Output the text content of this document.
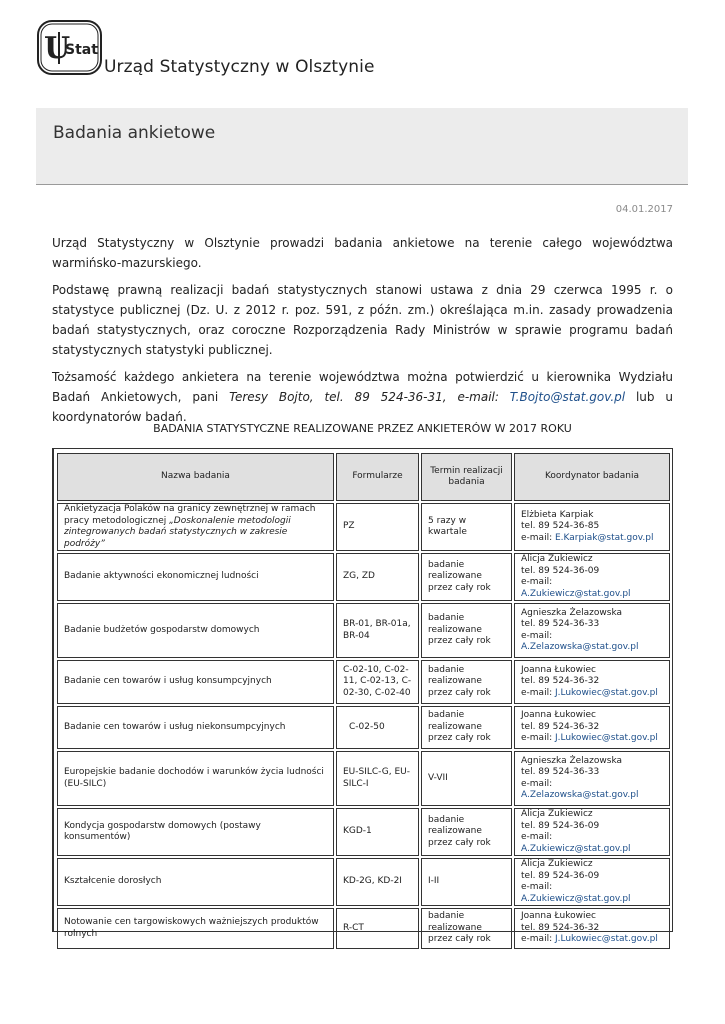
U
Stat
Urząd Statystyczny w Olsztynie
Badania ankietowe
04.01.2017

Urząd Statystyczny w Olsztynie prowadzi badania ankietowe na terenie całego województwa warmińsko-mazurskiego.

Podstawę prawną realizacji badań statystycznych stanowi ustawa z dnia 29 czerwca 1995 r. o statystyce publicznej (Dz. U. z 2012 r. poz. 591, z późn. zm.) określająca m.in. zasady prowadzenia badań statystycznych, oraz coroczne Rozporządzenia Rady Ministrów w sprawie programu badań statystycznych statystyki publicznej.

Tożsamość każdego ankietera na terenie województwa można potwierdzić u kierownika Wydziału Badań Ankietowych, pani Teresy Bojto, tel. 89 524-36-31, e-mail: T.Bojto@stat.gov.pl lub u koordynatorów badań.

BADANIA STATYSTYCZNE REALIZOWANE PRZEZ ANKIETERÓW W 2017 ROKU
Nazwa badania	Formularze	Termin realizacji badania	Koordynator badania
Ankietyzacja Polaków na granicy zewnętrznej w ramach pracy metodologicznej „Doskonalenie metodologii zintegrowanych badań statystycznych w zakresie podróży”	PZ	5 razy w kwartale	Elżbieta Karpiak
tel. 89 524-36-85
e-mail: E.Karpiak@stat.gov.pl

Badanie aktywności ekonomicznej ludności	ZG, ZD	badanie realizowane przez cały rok	Alicja Żukiewicz
tel. 89 524-36-09
e-mail: A.Zukiewicz@stat.gov.pl

Badanie budżetów gospodarstw domowych	BR-01, BR-01a, BR-04	badanie realizowane przez cały rok	Agnieszka Żelazowska
tel. 89 524-36-33
e-mail:
A.Zelazowska@stat.gov.pl

Badanie cen towarów i usług konsumpcyjnych	C-02-10, C-02-11, C-02-13, C-02-30, C-02-40	badanie realizowane przez cały rok	Joanna Łukowiec
tel. 89 524-36-32
e-mail: J.Lukowiec@stat.gov.pl

Badanie cen towarów i usług niekonsumpcyjnych	C-02-50	badanie realizowane przez cały rok	Joanna Łukowiec
tel. 89 524-36-32
e-mail: J.Lukowiec@stat.gov.pl

Europejskie badanie dochodów i warunków życia ludności (EU-SILC)	EU-SILC-G, EU-SILC-I	V-VII	Agnieszka Żelazowska
tel. 89 524-36-33
e-mail:
A.Zelazowska@stat.gov.pl

Kondycja gospodarstw domowych (postawy konsumentów)	KGD-1	badanie realizowane przez cały rok	Alicja Żukiewicz
tel. 89 524-36-09
e-mail: A.Zukiewicz@stat.gov.pl

Kształcenie dorosłych	KD-2G, KD-2I	I-II	Alicja Żukiewicz
tel. 89 524-36-09
e-mail: A.Zukiewicz@stat.gov.pl

Notowanie cen targowiskowych ważniejszych produktów rolnych	R-CT	badanie realizowane przez cały rok	Joanna Łukowiec
tel. 89 524-36-32
e-mail: J.Lukowiec@stat.gov.pl
